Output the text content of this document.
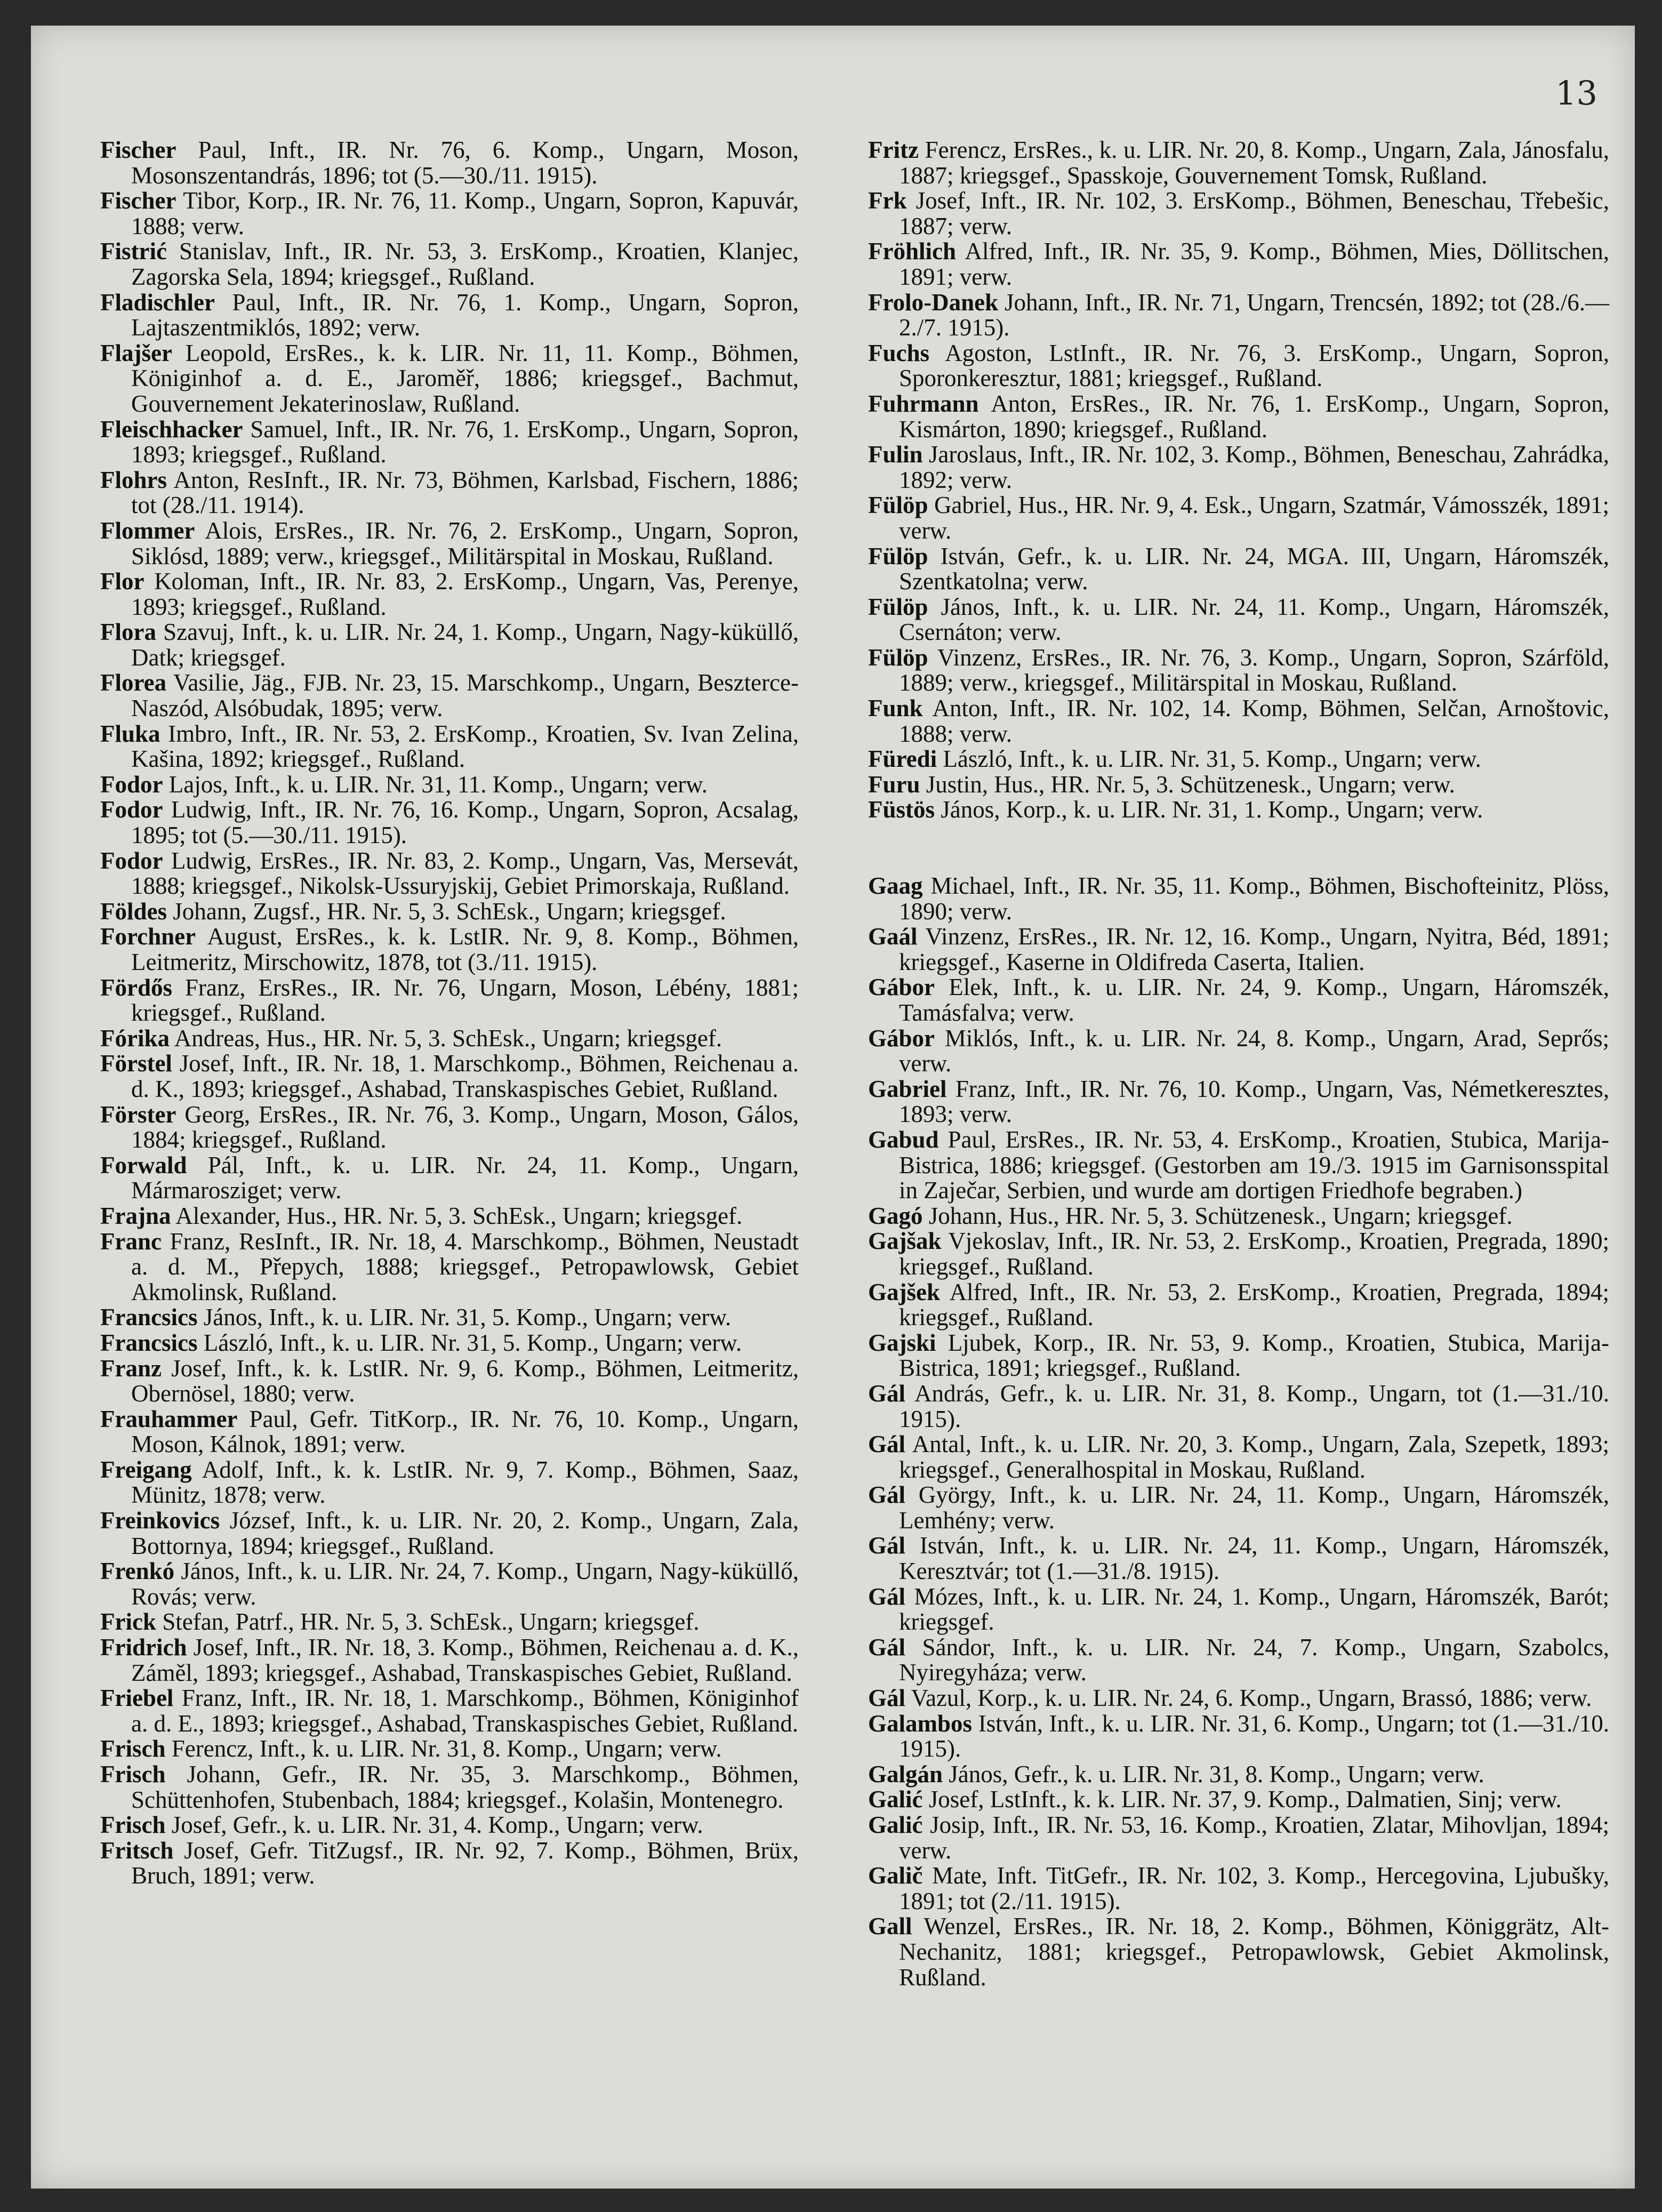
13
Fischer Paul, Inft., IR. Nr. 76, 6. Komp., Ungarn, Moson, Mosonszentandrás, 1896; tot (5.—30./11. 1915).
Fischer Tibor, Korp., IR. Nr. 76, 11. Komp., Ungarn, Sopron, Kapuvár, 1888; verw.
Fistrić Stanislav, Inft., IR. Nr. 53, 3. ErsKomp., Kroatien, Klanjec, Zagorska Sela, 1894; kriegsgef., Rußland.
Fladischler Paul, Inft., IR. Nr. 76, 1. Komp., Ungarn, Sopron, Lajtaszentmiklós, 1892; verw.
Flajšer Leopold, ErsRes., k. k. LIR. Nr. 11, 11. Komp., Böhmen, Königinhof a. d. E., Jaroměř, 1886; kriegsgef., Bachmut, Gouvernement Jekaterinoslaw, Rußland.
Fleischhacker Samuel, Inft., IR. Nr. 76, 1. ErsKomp., Ungarn, Sopron, 1893; kriegsgef., Rußland.
Flohrs Anton, ResInft., IR. Nr. 73, Böhmen, Karlsbad, Fischern, 1886; tot (28./11. 1914).
Flommer Alois, ErsRes., IR. Nr. 76, 2. ErsKomp., Ungarn, Sopron, Siklósd, 1889; verw., kriegsgef., Militärspital in Moskau, Rußland.
Flor Koloman, Inft., IR. Nr. 83, 2. ErsKomp., Ungarn, Vas, Perenye, 1893; kriegsgef., Rußland.
Flora Szavuj, Inft., k. u. LIR. Nr. 24, 1. Komp., Ungarn, Nagy-küküllő, Datk; kriegsgef.
Florea Vasilie, Jäg., FJB. Nr. 23, 15. Marschkomp., Ungarn, Beszterce-Naszód, Alsóbudak, 1895; verw.
Fluka Imbro, Inft., IR. Nr. 53, 2. ErsKomp., Kroatien, Sv. Ivan Zelina, Kašina, 1892; kriegsgef., Rußland.
Fodor Lajos, Inft., k. u. LIR. Nr. 31, 11. Komp., Ungarn; verw.
Fodor Ludwig, Inft., IR. Nr. 76, 16. Komp., Ungarn, Sopron, Acsalag, 1895; tot (5.—30./11. 1915).
Fodor Ludwig, ErsRes., IR. Nr. 83, 2. Komp., Ungarn, Vas, Mersevát, 1888; kriegsgef., Nikolsk-Ussuryjskij, Gebiet Primorskaja, Rußland.
Földes Johann, Zugsf., HR. Nr. 5, 3. SchEsk., Ungarn; kriegsgef.
Forchner August, ErsRes., k. k. LstIR. Nr. 9, 8. Komp., Böhmen, Leitmeritz, Mirschowitz, 1878, tot (3./11. 1915).
Fördős Franz, ErsRes., IR. Nr. 76, Ungarn, Moson, Lébény, 1881; kriegsgef., Rußland.
Fórika Andreas, Hus., HR. Nr. 5, 3. SchEsk., Ungarn; kriegsgef.
Förstel Josef, Inft., IR. Nr. 18, 1. Marschkomp., Böhmen, Reichenau a. d. K., 1893; kriegsgef., Ashabad, Transkaspisches Gebiet, Rußland.
Förster Georg, ErsRes., IR. Nr. 76, 3. Komp., Ungarn, Moson, Gálos, 1884; kriegsgef., Rußland.
Forwald Pál, Inft., k. u. LIR. Nr. 24, 11. Komp., Ungarn, Mármarosziget; verw.
Frajna Alexander, Hus., HR. Nr. 5, 3. SchEsk., Ungarn; kriegsgef.
Franc Franz, ResInft., IR. Nr. 18, 4. Marschkomp., Böhmen, Neustadt a. d. M., Přepych, 1888; kriegsgef., Petropawlowsk, Gebiet Akmolinsk, Rußland.
Francsics János, Inft., k. u. LIR. Nr. 31, 5. Komp., Ungarn; verw.
Francsics László, Inft., k. u. LIR. Nr. 31, 5. Komp., Ungarn; verw.
Franz Josef, Inft., k. k. LstIR. Nr. 9, 6. Komp., Böhmen, Leitmeritz, Obernösel, 1880; verw.
Frauhammer Paul, Gefr. TitKorp., IR. Nr. 76, 10. Komp., Ungarn, Moson, Kálnok, 1891; verw.
Freigang Adolf, Inft., k. k. LstIR. Nr. 9, 7. Komp., Böhmen, Saaz, Münitz, 1878; verw.
Freinkovics József, Inft., k. u. LIR. Nr. 20, 2. Komp., Ungarn, Zala, Bottornya, 1894; kriegsgef., Rußland.
Frenkó János, Inft., k. u. LIR. Nr. 24, 7. Komp., Ungarn, Nagy-küküllő, Rovás; verw.
Frick Stefan, Patrf., HR. Nr. 5, 3. SchEsk., Ungarn; kriegsgef.
Fridrich Josef, Inft., IR. Nr. 18, 3. Komp., Böhmen, Reichenau a. d. K., Záměl, 1893; kriegsgef., Ashabad, Transkaspisches Gebiet, Rußland.
Friebel Franz, Inft., IR. Nr. 18, 1. Marschkomp., Böhmen, Königinhof a. d. E., 1893; kriegsgef., Ashabad, Transkaspisches Gebiet, Rußland.
Frisch Ferencz, Inft., k. u. LIR. Nr. 31, 8. Komp., Ungarn; verw.
Frisch Johann, Gefr., IR. Nr. 35, 3. Marschkomp., Böhmen, Schüttenhofen, Stubenbach, 1884; kriegsgef., Kolašin, Montenegro.
Frisch Josef, Gefr., k. u. LIR. Nr. 31, 4. Komp., Ungarn; verw.
Fritsch Josef, Gefr. TitZugsf., IR. Nr. 92, 7. Komp., Böhmen, Brüx, Bruch, 1891; verw.
Fritz Ferencz, ErsRes., k. u. LIR. Nr. 20, 8. Komp., Ungarn, Zala, Jánosfalu, 1887; kriegsgef., Spasskoje, Gouvernement Tomsk, Rußland.
Frk Josef, Inft., IR. Nr. 102, 3. ErsKomp., Böhmen, Beneschau, Třebešic, 1887; verw.
Fröhlich Alfred, Inft., IR. Nr. 35, 9. Komp., Böhmen, Mies, Döllitschen, 1891; verw.
Frolo-Danek Johann, Inft., IR. Nr. 71, Ungarn, Trencsén, 1892; tot (28./6.—2./7. 1915).
Fuchs Agoston, LstInft., IR. Nr. 76, 3. ErsKomp., Ungarn, Sopron, Sporonkeresztur, 1881; kriegsgef., Rußland.
Fuhrmann Anton, ErsRes., IR. Nr. 76, 1. ErsKomp., Ungarn, Sopron, Kismárton, 1890; kriegsgef., Rußland.
Fulin Jaroslaus, Inft., IR. Nr. 102, 3. Komp., Böhmen, Beneschau, Zahrádka, 1892; verw.
Fülöp Gabriel, Hus., HR. Nr. 9, 4. Esk., Ungarn, Szatmár, Vámosszék, 1891; verw.
Fülöp István, Gefr., k. u. LIR. Nr. 24, MGA. III, Ungarn, Háromszék, Szentkatolna; verw.
Fülöp János, Inft., k. u. LIR. Nr. 24, 11. Komp., Ungarn, Háromszék, Csernáton; verw.
Fülöp Vinzenz, ErsRes., IR. Nr. 76, 3. Komp., Ungarn, Sopron, Szárföld, 1889; verw., kriegsgef., Militärspital in Moskau, Rußland.
Funk Anton, Inft., IR. Nr. 102, 14. Komp, Böhmen, Selčan, Arnoštovic, 1888; verw.
Füredi László, Inft., k. u. LIR. Nr. 31, 5. Komp., Ungarn; verw.
Furu Justin, Hus., HR. Nr. 5, 3. Schützenesk., Ungarn; verw.
Füstös János, Korp., k. u. LIR. Nr. 31, 1. Komp., Ungarn; verw.
Gaag Michael, Inft., IR. Nr. 35, 11. Komp., Böhmen, Bischofteinitz, Plöss, 1890; verw.
Gaál Vinzenz, ErsRes., IR. Nr. 12, 16. Komp., Ungarn, Nyitra, Béd, 1891; kriegsgef., Kaserne in Oldifreda Caserta, Italien.
Gábor Elek, Inft., k. u. LIR. Nr. 24, 9. Komp., Ungarn, Háromszék, Tamásfalva; verw.
Gábor Miklós, Inft., k. u. LIR. Nr. 24, 8. Komp., Ungarn, Arad, Seprős; verw.
Gabriel Franz, Inft., IR. Nr. 76, 10. Komp., Ungarn, Vas, Németkeresztes, 1893; verw.
Gabud Paul, ErsRes., IR. Nr. 53, 4. ErsKomp., Kroatien, Stubica, Marija-Bistrica, 1886; kriegsgef. (Gestorben am 19./3. 1915 im Garnisonsspital in Zaječar, Serbien, und wurde am dortigen Friedhofe begraben.)
Gagó Johann, Hus., HR. Nr. 5, 3. Schützenesk., Ungarn; kriegsgef.
Gajšak Vjekoslav, Inft., IR. Nr. 53, 2. ErsKomp., Kroatien, Pregrada, 1890; kriegsgef., Rußland.
Gajšek Alfred, Inft., IR. Nr. 53, 2. ErsKomp., Kroatien, Pregrada, 1894; kriegsgef., Rußland.
Gajski Ljubek, Korp., IR. Nr. 53, 9. Komp., Kroatien, Stubica, Marija-Bistrica, 1891; kriegsgef., Rußland.
Gál András, Gefr., k. u. LIR. Nr. 31, 8. Komp., Ungarn, tot (1.—31./10. 1915).
Gál Antal, Inft., k. u. LIR. Nr. 20, 3. Komp., Ungarn, Zala, Szepetk, 1893; kriegsgef., Generalhospital in Moskau, Rußland.
Gál György, Inft., k. u. LIR. Nr. 24, 11. Komp., Ungarn, Háromszék, Lemhény; verw.
Gál István, Inft., k. u. LIR. Nr. 24, 11. Komp., Ungarn, Háromszék, Keresztvár; tot (1.—31./8. 1915).
Gál Mózes, Inft., k. u. LIR. Nr. 24, 1. Komp., Ungarn, Háromszék, Barót; kriegsgef.
Gál Sándor, Inft., k. u. LIR. Nr. 24, 7. Komp., Ungarn, Szabolcs, Nyiregyháza; verw.
Gál Vazul, Korp., k. u. LIR. Nr. 24, 6. Komp., Ungarn, Brassó, 1886; verw.
Galambos István, Inft., k. u. LIR. Nr. 31, 6. Komp., Ungarn; tot (1.—31./10. 1915).
Galgán János, Gefr., k. u. LIR. Nr. 31, 8. Komp., Ungarn; verw.
Galić Josef, LstInft., k. k. LIR. Nr. 37, 9. Komp., Dalmatien, Sinj; verw.
Galić Josip, Inft., IR. Nr. 53, 16. Komp., Kroatien, Zlatar, Mihovljan, 1894; verw.
Galič Mate, Inft. TitGefr., IR. Nr. 102, 3. Komp., Hercegovina, Ljubušky, 1891; tot (2./11. 1915).
Gall Wenzel, ErsRes., IR. Nr. 18, 2. Komp., Böhmen, Königgrätz, Alt-Nechanitz, 1881; kriegsgef., Petropawlowsk, Gebiet Akmolinsk, Rußland.
